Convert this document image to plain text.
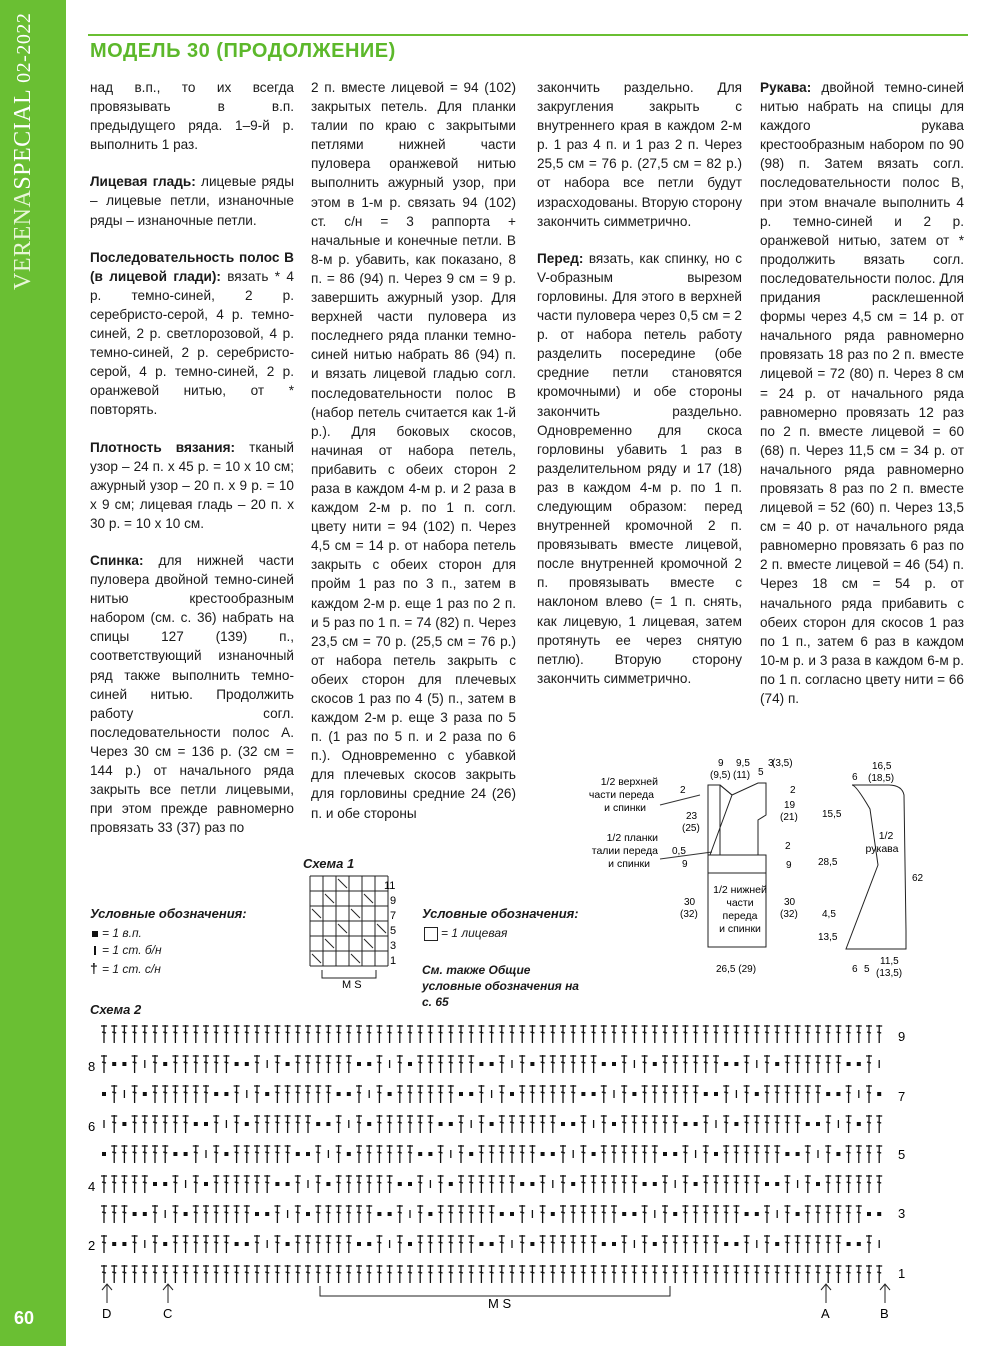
VERENASPECIAL02-2022
60
МОДЕЛЬ 30 (ПРОДОЛЖЕНИЕ)

над в.п., то их всегда провязывать в в.п. предыдущего ряда. 1–9-й р. выполнить 1 раз.

Лицевая гладь: лицевые ряды – лицевые петли, изнаночные ряды – изнаночные петли.

Последовательность полос В (в лицевой глади): вязать * 4 р. темно-синей, 2 р. серебристо-серой, 4 р. темно-синей, 2 р. светлорозовой, 4 р. темно-синей, 2 р. серебристо-серой, 4 р. темно-синей, 2 р. оранжевой нитью, от * повторять.

Плотность вязания: тканый узор – 24 п. x 45 р. = 10 x 10 см; ажурный узор – 20 п. x 9 р. = 10 x 9 см; лицевая гладь – 20 п. x 30 р. = 10 x 10 см.

Спинка: для нижней части пуловера двойной темно-синей нитью крестообразным набором (см. с. 36) набрать на спицы 127 (139) п., соответствующий изнаночный ряд также выполнить темно-синей нитью. Продолжить работу согл. последовательности полос А. Через 30 см = 136 р. (32 см = 144 р.) от начального ряда закрыть все петли лицевыми, при этом прежде равномерно провязать 33 (37) раз по

2 п. вместе лицевой = 94 (102) закрытых петель. Для планки талии по краю с закрытыми петлями нижней части пуловера оранжевой нитью выполнить ажурный узор, при этом в 1-м р. связать 94 (102) ст. с/н = 3 раппорта + начальные и конечные петли. В 8-м р. убавить, как показано, 8 п. = 86 (94) п. Через 9 см = 9 р. завершить ажурный узор. Для верхней части пуловера из последнего ряда планки темно-синей нитью набрать 86 (94) п. и вязать лицевой гладью согл. последовательности полос В (набор петель считается как 1-й р.). Для боковых скосов, начиная от набора петель, прибавить с обеих сторон 2 раза в каждом 4-м р. и 2 раза в каждом 2-м р. по 1 п. согл. цвету нити = 94 (102) п. Через 4,5 см = 14 р. от набора петель закрыть с обеих сторон для пройм 1 раз по 3 п., затем в каждом 2-м р. еще 1 раз по 2 п. и 5 раз по 1 п. = 74 (82) п. Через 23,5 см = 70 р. (25,5 см = 76 р.) от набора петель закрыть с обеих сторон для плечевых скосов 1 раз по 4 (5) п., затем в каждом 2-м р. еще 3 раза по 5 п. (1 раз по 5 п. и 2 раза по 6 п.). Одновременно с убавкой для плечевых скосов закрыть для горловины средние 24 (26) п. и обе стороны

закончить раздельно. Для закругления закрыть с внутреннего края в каждом 2-м р. 1 раз 4 п. и 1 раз 2 п. Через 25,5 см = 76 р. (27,5 см = 82 р.) от набора все петли будут израсходованы. Вторую сторону закончить симметрично.

Перед: вязать, как спинку, но с V-образным вырезом горловины. Для этого в верхней части пуловера через 0,5 см = 2 р. от набора петель работу разделить посередине (обе средние петли становятся кромочными) и обе стороны закончить раздельно. Одновременно для скоса горловины убавить 1 раз в разделительном ряду и 17 (18) раз в каждом 4-м р. по 1 п. следующим образом: перед внутренней кромочной 2 п. провязывать вместе лицевой, после внутренней кромочной 2 п. провязывать вместе с наклоном влево (= 1 п. снять, как лицевую, 1 лицевая, затем протянуть ее через снятую петлю). Вторую сторону закончить симметрично.

Рукава: двойной темно-синей нитью набрать на спицы для каждого рукава крестообразным набором по 90 (98) п. Затем вязать согл. последовательности полос В, при этом вначале выполнить 4 р. темно-синей и 2 р. оранжевой нитью, затем от * продолжить вязать согл. последовательности полос. Для придания расклешенной формы через 4,5 см = 14 р. от начального ряда равномерно провязать 18 раз по 2 п. вместе лицевой = 72 (80) п. Через 8 см = 24 р. от начального ряда равномерно провязать 12 раз по 2 п. вместе лицевой = 60 (68) п. Через 11,5 см = 34 р. от начального ряда равномерно провязать 8 раз по 2 п. вместе лицевой = 52 (60) п. Через 13,5 см = 40 р. от начального ряда равномерно провязать 6 раз по 2 п. вместе лицевой = 46 (54) п. Через 18 см = 54 р. от начального ряда прибавить с обеих сторон для скосов 1 раз по 1 п., затем 6 раз в каждом 10-м р. и 3 раза в каждом 6-м р. по 1 п. согласно цвету нити = 66 (74) п.

Условные обозначения:
= 1 в.п.
= 1 ст. б/н
† = 1 ст. с/н
Схема 1
11
9
7
5
3
1
M S
Условные обозначения:
= 1 лицевая
См. также Общие условные обозначения на с. 65
1/2 верхней части переда и спинки
1/2 планки талии переда и спинки
1/2 нижней части переда и спинки
9
(9,5)
9,5
(11) 5
3
(3,5)
2
23
(25)
0,5
9
30
(32)
2
19
(21)
2
9
30
(32)
26,5 (29)
6
16,5
(18,5)
1/2 рукава
15,5
28,5
4,5
13,5
62
6 5
11,5
(13,5)
Схема 2
8
6
4
2
9
7
5
3
1
M S
D	C	A	B
